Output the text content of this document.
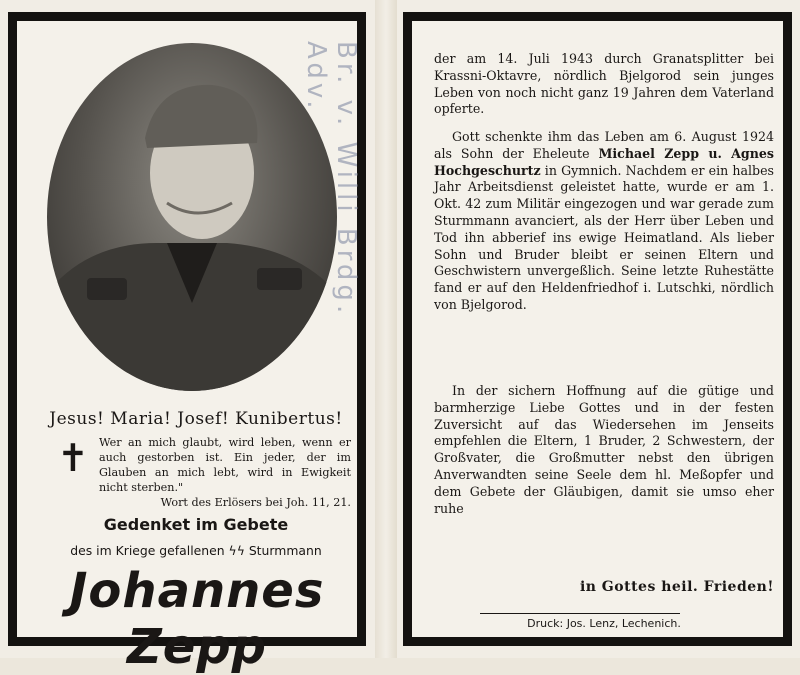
Br. v. Willi Brdg. Adv.
Jesus! Maria! Josef! Kunibertus!
✝ Wer an mich glaubt, wird leben, wenn er auch gestorben ist. Ein jeder, der im Glauben an mich lebt, wird in Ewigkeit nicht sterben."
Wort des Erlösers bei Joh. 11, 21.
Gedenket im Gebete
des im Kriege gefallenen ϟϟ Sturmmann
Johannes Zepp

der am 14. Juli 1943 durch Granatsplitter bei Krassni-Oktavre, nördlich Bjelgorod sein junges Leben von noch nicht ganz 19 Jahren dem Vaterland opferte.

Gott schenkte ihm das Leben am 6. August 1924 als Sohn der Eheleute Michael Zepp u. Agnes Hochgeschurtz in Gymnich. Nachdem er ein halbes Jahr Arbeitsdienst geleistet hatte, wurde er am 1. Okt. 42 zum Militär eingezogen und war gerade zum Sturmmann avanciert, als der Herr über Leben und Tod ihn abberief ins ewige Heimatland. Als lieber Sohn und Bruder bleibt er seinen Eltern und Geschwistern unvergeßlich. Seine letzte Ruhestätte fand er auf den Heldenfriedhof i. Lutschki, nördlich von Bjelgorod.

In der sichern Hoffnung auf die gütige und barmherzige Liebe Gottes und in der festen Zuversicht auf das Wiedersehen im Jenseits empfehlen die Eltern, 1 Bruder, 2 Schwestern, der Großvater, die Großmutter nebst den übrigen Anverwandten seine Seele dem hl. Meßopfer und dem Gebete der Gläubigen, damit sie umso eher ruhe

in Gottes heil. Frieden!
Druck: Jos. Lenz, Lechenich.
